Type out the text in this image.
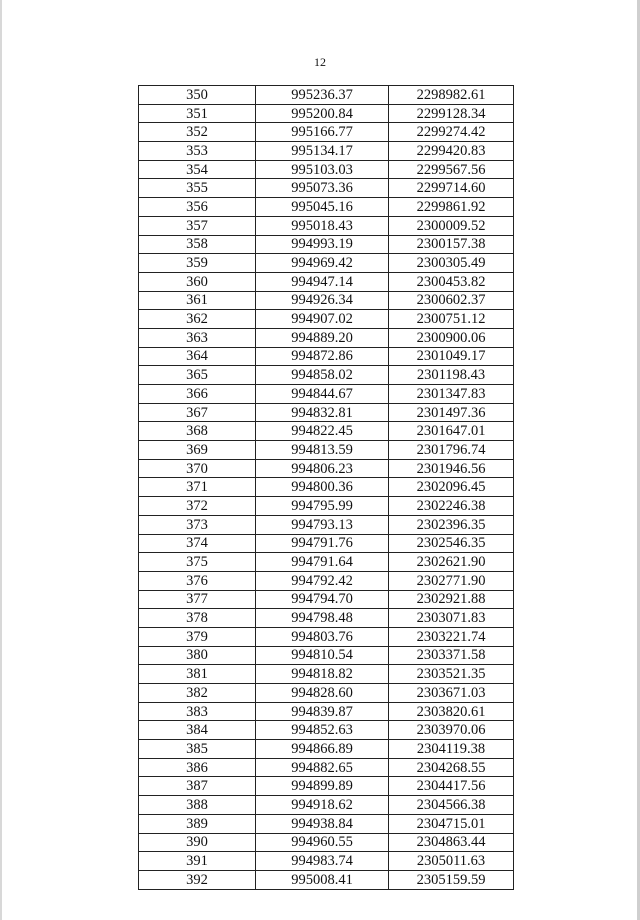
12
350	995236.37	2298982.61
351	995200.84	2299128.34
352	995166.77	2299274.42
353	995134.17	2299420.83
354	995103.03	2299567.56
355	995073.36	2299714.60
356	995045.16	2299861.92
357	995018.43	2300009.52
358	994993.19	2300157.38
359	994969.42	2300305.49
360	994947.14	2300453.82
361	994926.34	2300602.37
362	994907.02	2300751.12
363	994889.20	2300900.06
364	994872.86	2301049.17
365	994858.02	2301198.43
366	994844.67	2301347.83
367	994832.81	2301497.36
368	994822.45	2301647.01
369	994813.59	2301796.74
370	994806.23	2301946.56
371	994800.36	2302096.45
372	994795.99	2302246.38
373	994793.13	2302396.35
374	994791.76	2302546.35
375	994791.64	2302621.90
376	994792.42	2302771.90
377	994794.70	2302921.88
378	994798.48	2303071.83
379	994803.76	2303221.74
380	994810.54	2303371.58
381	994818.82	2303521.35
382	994828.60	2303671.03
383	994839.87	2303820.61
384	994852.63	2303970.06
385	994866.89	2304119.38
386	994882.65	2304268.55
387	994899.89	2304417.56
388	994918.62	2304566.38
389	994938.84	2304715.01
390	994960.55	2304863.44
391	994983.74	2305011.63
392	995008.41	2305159.59
